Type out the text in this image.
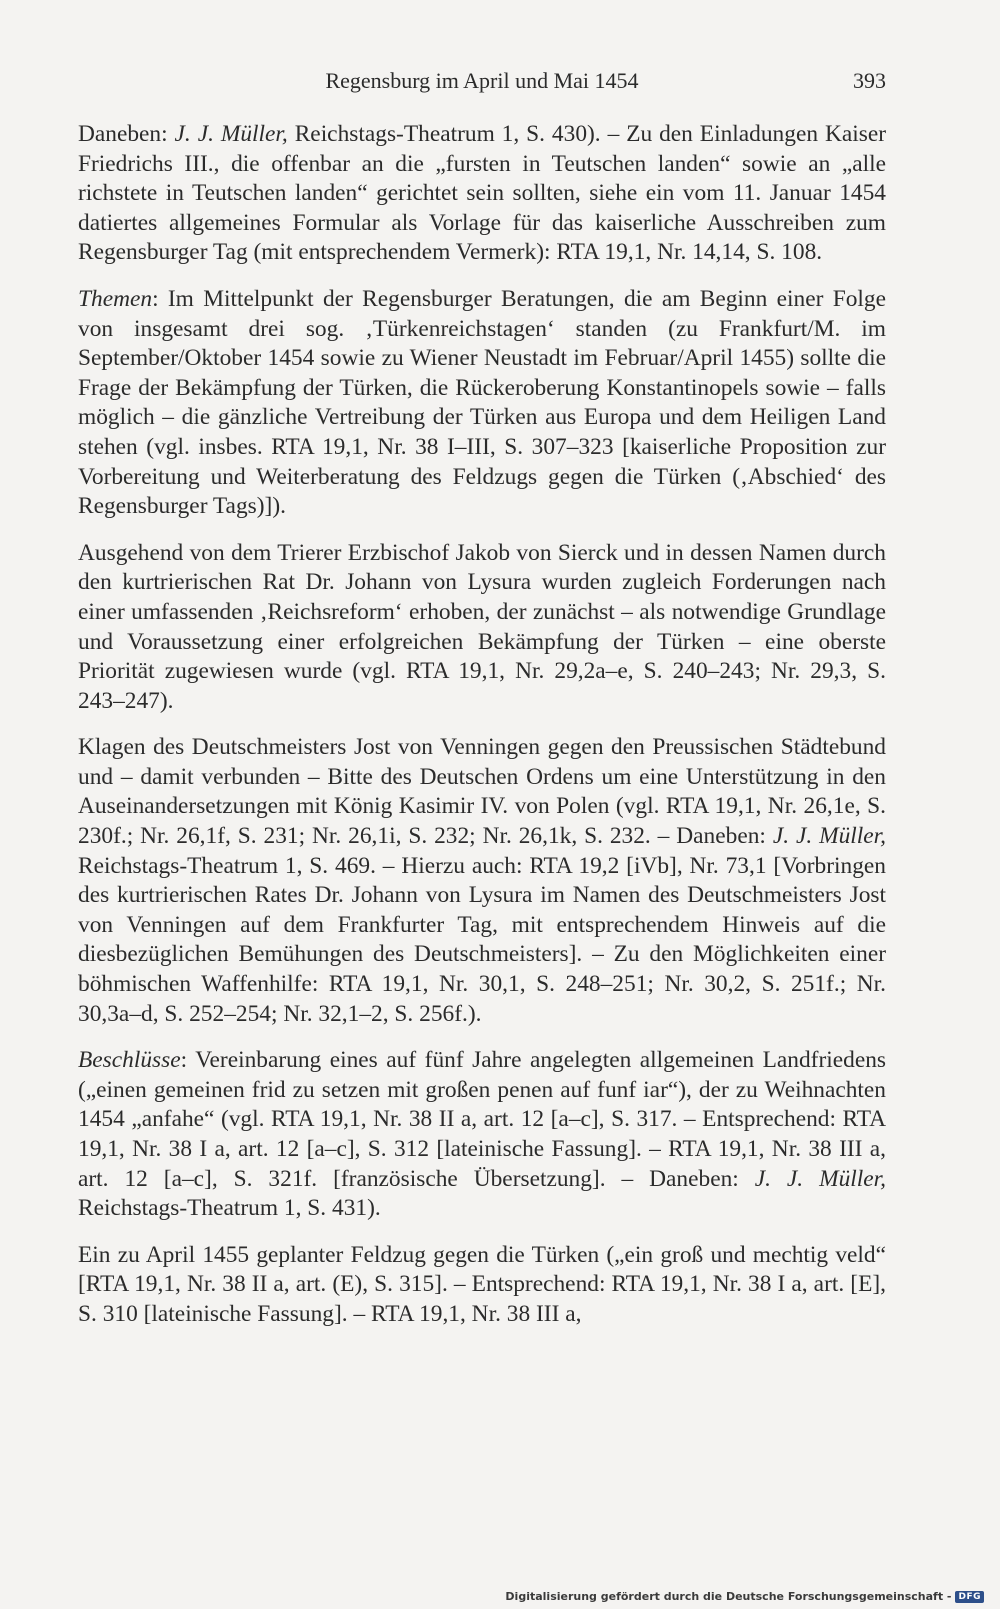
Regensburg im April und Mai 1454	393

Daneben: J. J. Müller, Reichstags-Theatrum 1, S. 430). – Zu den Einladungen Kaiser Friedrichs III., die offenbar an die „fursten in Teutschen landen“ sowie an „alle richstete in Teutschen landen“ gerichtet sein sollten, siehe ein vom 11. Januar 1454 datiertes allgemeines Formular als Vorlage für das kaiserliche Ausschreiben zum Regensburger Tag (mit entsprechendem Vermerk): RTA 19,1, Nr. 14,14, S. 108.

Themen: Im Mittelpunkt der Regensburger Beratungen, die am Beginn einer Folge von insgesamt drei sog. ‚Türkenreichstagen‘ standen (zu Frankfurt/M. im September/Oktober 1454 sowie zu Wiener Neustadt im Februar/April 1455) sollte die Frage der Bekämpfung der Türken, die Rückeroberung Konstantinopels sowie – falls möglich – die gänzliche Vertreibung der Türken aus Europa und dem Heiligen Land stehen (vgl. insbes. RTA 19,1, Nr. 38 I–III, S. 307–323 [kaiserliche Proposition zur Vorbereitung und Weiterberatung des Feldzugs gegen die Türken (‚Abschied‘ des Regensburger Tags)]).

Ausgehend von dem Trierer Erzbischof Jakob von Sierck und in dessen Namen durch den kurtrierischen Rat Dr. Johann von Lysura wurden zugleich Forderungen nach einer umfassenden ‚Reichsreform‘ erhoben, der zunächst – als notwendige Grundlage und Voraussetzung einer erfolgreichen Bekämpfung der Türken – eine oberste Priorität zugewiesen wurde (vgl. RTA 19,1, Nr. 29,2a–e, S. 240–243; Nr. 29,3, S. 243–247).

Klagen des Deutschmeisters Jost von Venningen gegen den Preussischen Städtebund und – damit verbunden – Bitte des Deutschen Ordens um eine Unterstützung in den Auseinandersetzungen mit König Kasimir IV. von Polen (vgl. RTA 19,1, Nr. 26,1e, S. 230f.; Nr. 26,1f, S. 231; Nr. 26,1i, S. 232; Nr. 26,1k, S. 232. – Daneben: J. J. Müller, Reichstags-Theatrum 1, S. 469. – Hierzu auch: RTA 19,2 [iVb], Nr. 73,1 [Vorbringen des kurtrierischen Rates Dr. Johann von Lysura im Namen des Deutschmeisters Jost von Venningen auf dem Frankfurter Tag, mit entsprechendem Hinweis auf die diesbezüglichen Bemühungen des Deutschmeisters]. – Zu den Möglichkeiten einer böhmischen Waffenhilfe: RTA 19,1, Nr. 30,1, S. 248–251; Nr. 30,2, S. 251f.; Nr. 30,3a–d, S. 252–254; Nr. 32,1–2, S. 256f.).

Beschlüsse: Vereinbarung eines auf fünf Jahre angelegten allgemeinen Landfriedens („einen gemeinen frid zu setzen mit großen penen auf funf iar“), der zu Weihnachten 1454 „anfahe“ (vgl. RTA 19,1, Nr. 38 II a, art. 12 [a–c], S. 317. – Entsprechend: RTA 19,1, Nr. 38 I a, art. 12 [a–c], S. 312 [lateinische Fassung]. – RTA 19,1, Nr. 38 III a, art. 12 [a–c], S. 321f. [französische Übersetzung]. – Daneben: J. J. Müller, Reichstags-Theatrum 1, S. 431).

Ein zu April 1455 geplanter Feldzug gegen die Türken („ein groß und mechtig veld“ [RTA 19,1, Nr. 38 II a, art. (E), S. 315]. – Entsprechend: RTA 19,1, Nr. 38 I a, art. [E], S. 310 [lateinische Fassung]. – RTA 19,1, Nr. 38 III a,

Digitalisierung gefördert durch die Deutsche Forschungsgemeinschaft - DFG
